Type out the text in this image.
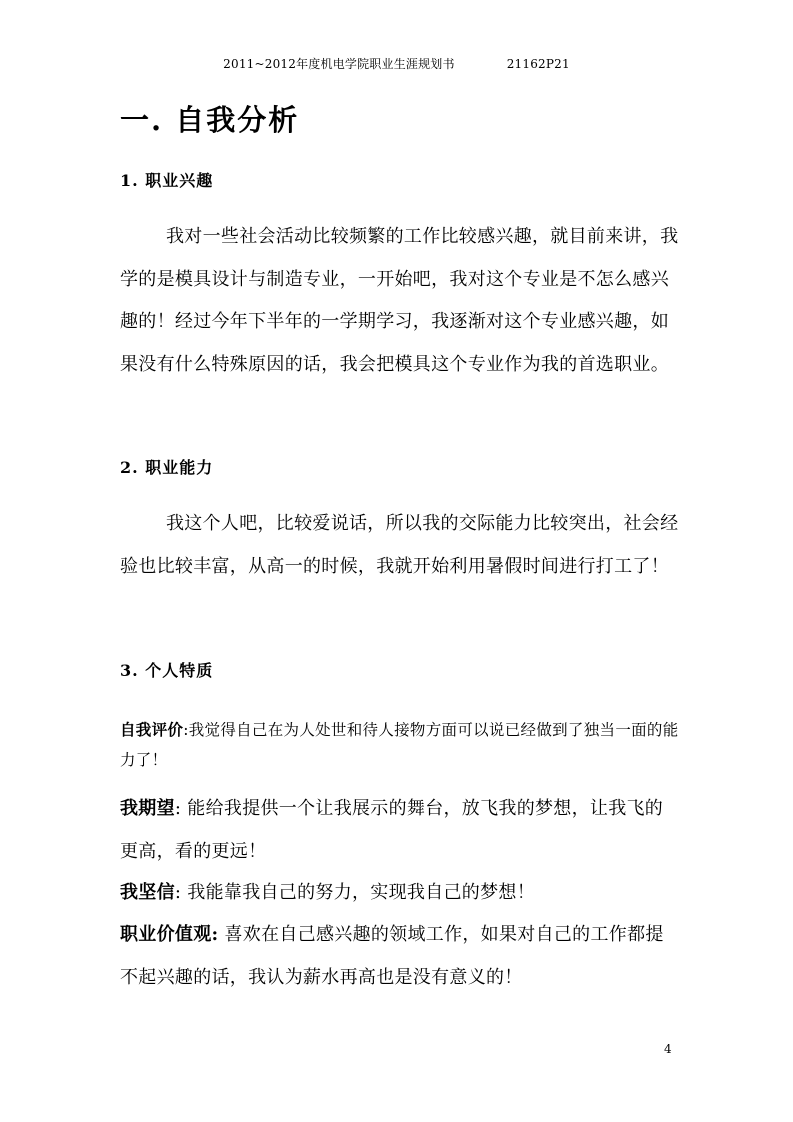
2011~2012年度机电学院职业生涯规划书	21162P21
一. 自我分析
1. 职业兴趣

我对一些社会活动比较频繁的工作比较感兴趣，就目前来讲，我学的是模具设计与制造专业，一开始吧，我对这个专业是不怎么感兴趣的！经过今年下半年的一学期学习，我逐渐对这个专业感兴趣，如果没有什么特殊原因的话，我会把模具这个专业作为我的首选职业。

2. 职业能力

我这个人吧，比较爱说话，所以我的交际能力比较突出，社会经验也比较丰富，从高一的时候，我就开始利用暑假时间进行打工了！

3. 个人特质

自我评价:我觉得自己在为人处世和待人接物方面可以说已经做到了独当一面的能力了！

我期望: 能给我提供一个让我展示的舞台，放飞我的梦想，让我飞的更高，看的更远！

我坚信: 我能靠我自己的努力，实现我自己的梦想！

职业价值观: 喜欢在自己感兴趣的领域工作，如果对自己的工作都提不起兴趣的话，我认为薪水再高也是没有意义的！

4
